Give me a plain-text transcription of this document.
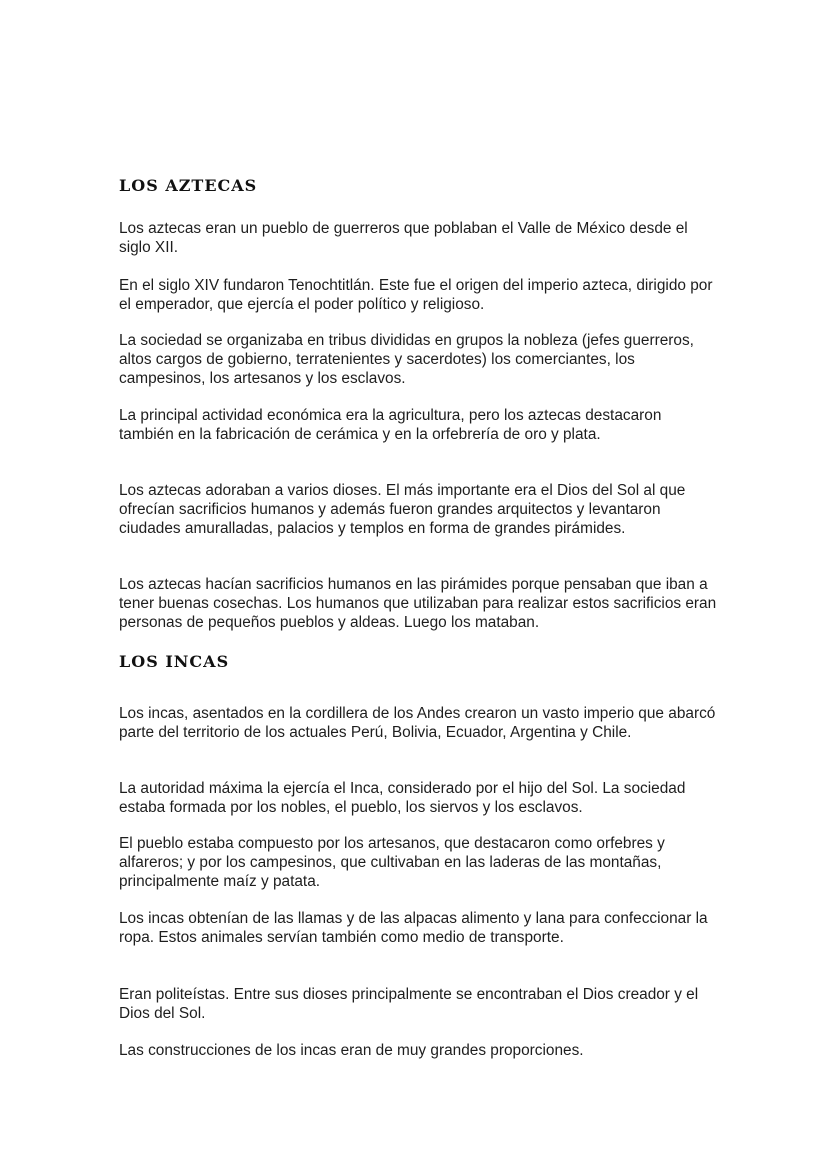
LOS AZTECAS

Los aztecas eran un pueblo de guerreros que poblaban el Valle de México desde el siglo XII.

En el siglo XIV fundaron Tenochtitlán. Este fue el origen del imperio azteca, dirigido por el emperador, que ejercía el poder político y religioso.

La sociedad se organizaba en tribus divididas en grupos la nobleza (jefes guerreros, altos cargos de gobierno, terratenientes y sacerdotes) los comerciantes, los campesinos, los artesanos y los esclavos.

La principal actividad económica era la agricultura, pero los aztecas destacaron también en la fabricación de cerámica y en la orfebrería de oro y plata.

Los aztecas adoraban a varios dioses. El más importante era el Dios del Sol al que ofrecían sacrificios humanos y además fueron grandes arquitectos y levantaron ciudades amuralladas, palacios y templos en forma de grandes pirámides.

Los aztecas hacían sacrificios humanos en las pirámides porque pensaban que iban a tener buenas cosechas. Los humanos que utilizaban para realizar estos sacrificios eran personas de pequeños pueblos y aldeas. Luego los mataban.

LOS INCAS

Los incas, asentados en la cordillera de los Andes crearon un vasto imperio que abarcó parte del territorio de los actuales Perú, Bolivia, Ecuador, Argentina y Chile.

La autoridad máxima la ejercía el Inca, considerado por el hijo del Sol. La sociedad estaba formada por los nobles, el pueblo, los siervos y los esclavos.

El pueblo estaba compuesto por los artesanos, que destacaron como orfebres y alfareros; y por los campesinos, que cultivaban en las laderas de las montañas, principalmente maíz y patata.

Los incas obtenían de las llamas y de las alpacas alimento y lana para confeccionar la ropa. Estos animales servían también como medio de transporte.

Eran politeístas. Entre sus dioses principalmente se encontraban el Dios creador y el Dios del Sol.

Las construcciones de los incas eran de muy grandes proporciones.
